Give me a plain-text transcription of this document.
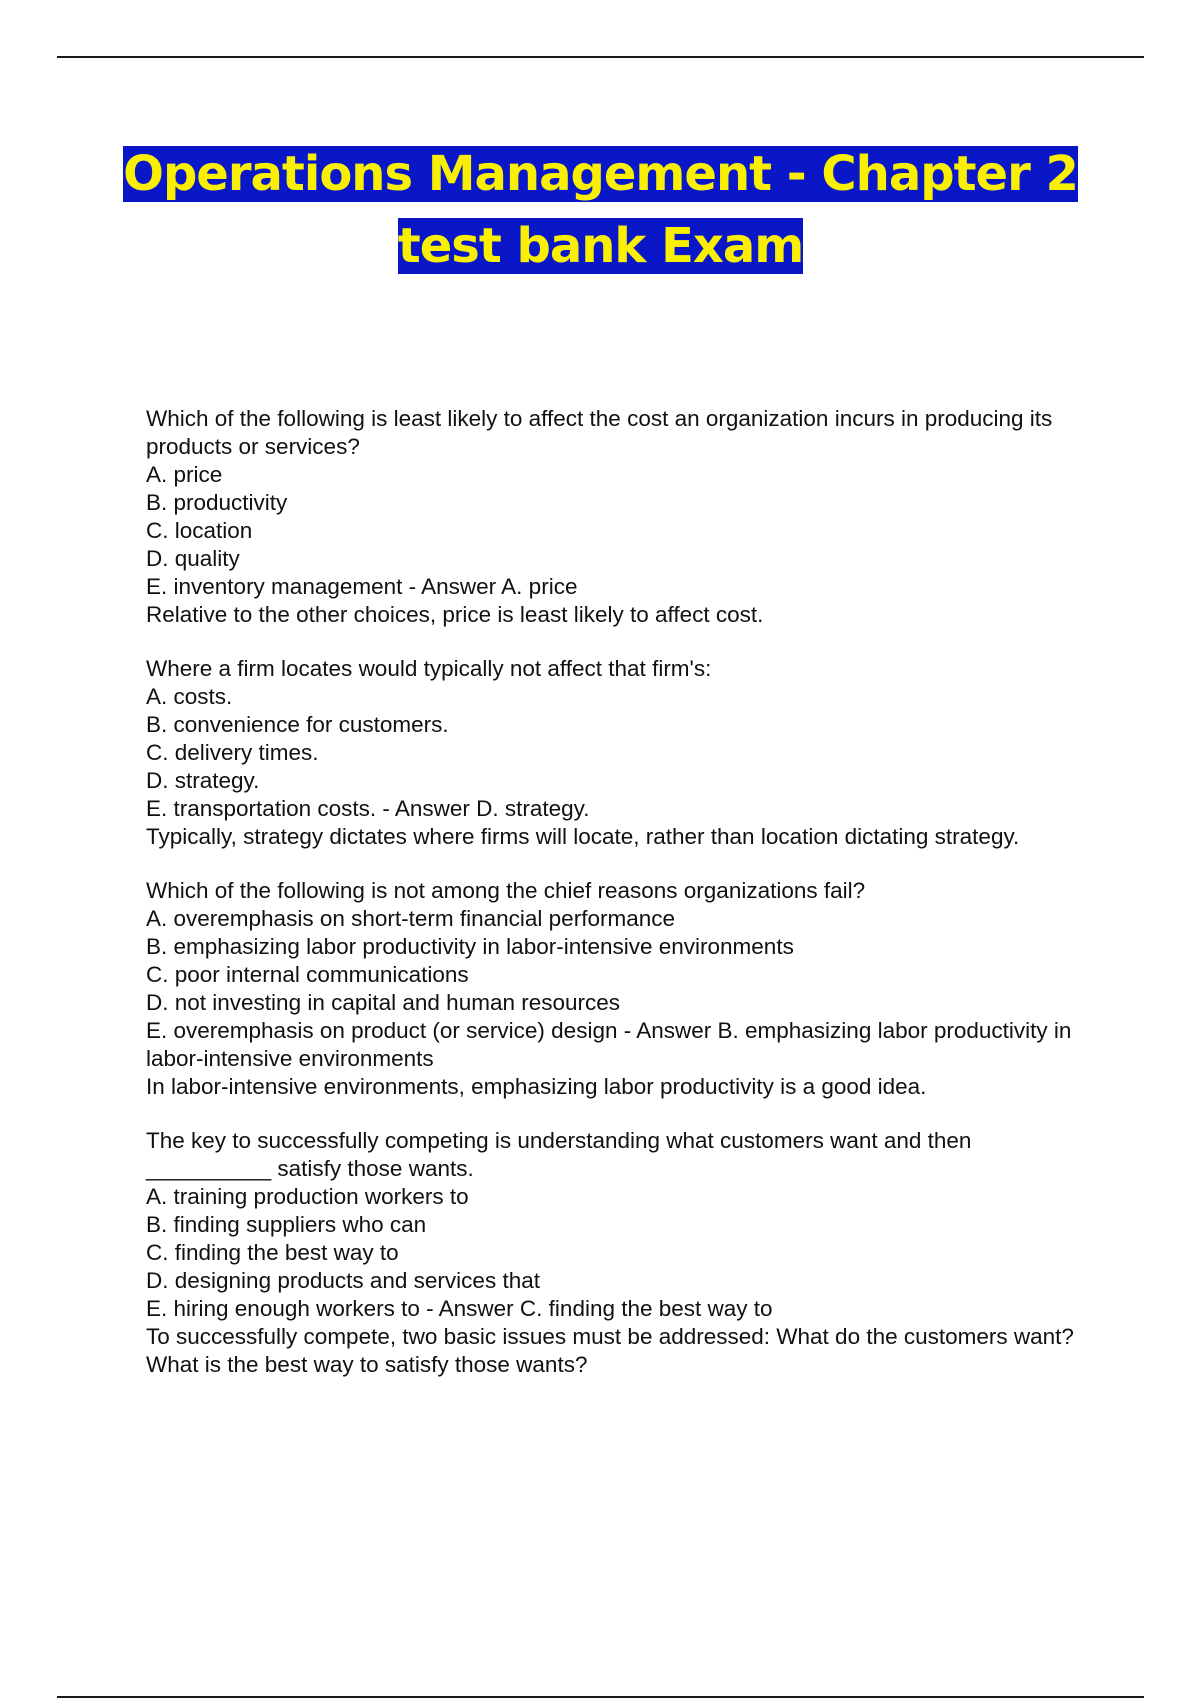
Operations Management - Chapter 2
test bank Exam
Which of the following is least likely to affect the cost an organization incurs in producing its products or services?
A. price
B. productivity
C. location
D. quality
E. inventory management - Answer A. price
Relative to the other choices, price is least likely to affect cost.
Where a firm locates would typically not affect that firm's:
A. costs.
B. convenience for customers.
C. delivery times.
D. strategy.
E. transportation costs. - Answer D. strategy.
Typically, strategy dictates where firms will locate, rather than location dictating strategy.
Which of the following is not among the chief reasons organizations fail?
A. overemphasis on short-term financial performance
B. emphasizing labor productivity in labor-intensive environments
C. poor internal communications
D. not investing in capital and human resources
E. overemphasis on product (or service) design - Answer B. emphasizing labor productivity in labor-intensive environments
In labor-intensive environments, emphasizing labor productivity is a good idea.
The key to successfully competing is understanding what customers want and then __________ satisfy those wants.
A. training production workers to
B. finding suppliers who can
C. finding the best way to
D. designing products and services that
E. hiring enough workers to - Answer C. finding the best way to
To successfully compete, two basic issues must be addressed: What do the customers want? What is the best way to satisfy those wants?
